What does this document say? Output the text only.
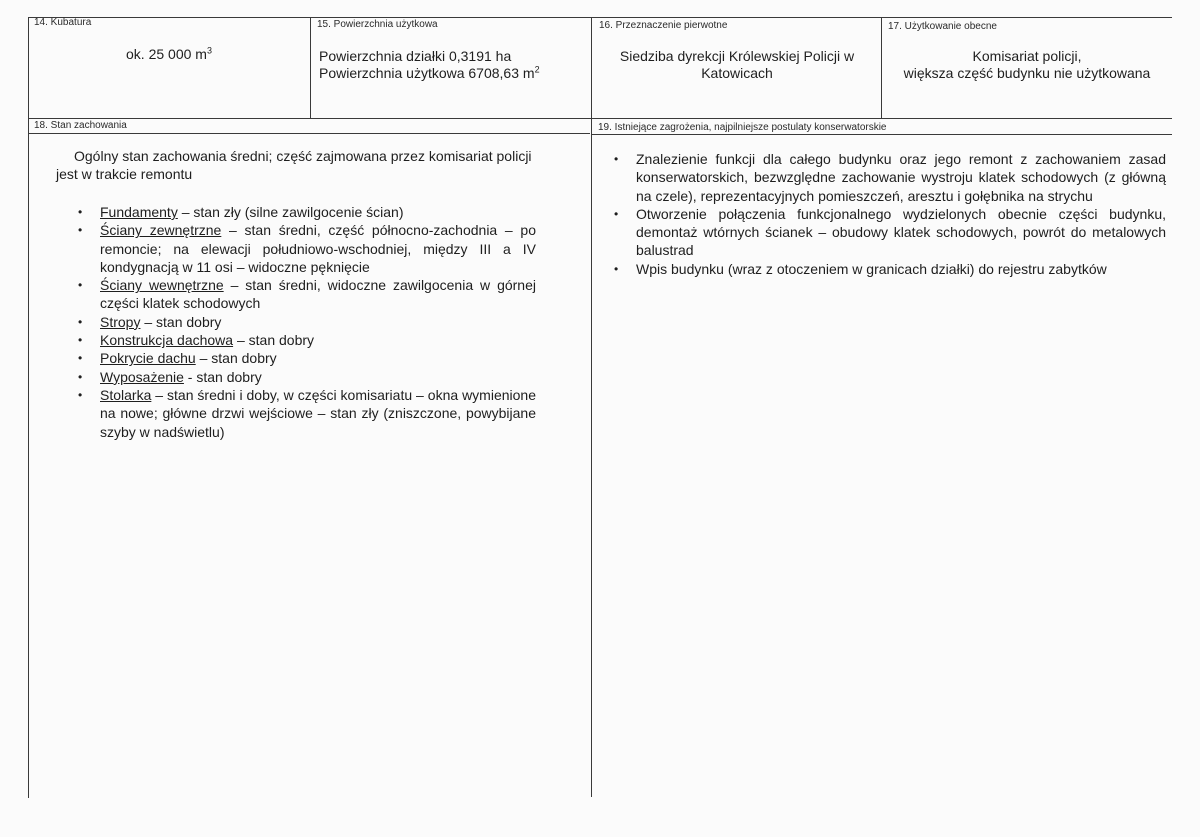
14. Kubatura
ok. 25 000 $m^3$
15. Powierzchnia użytkowa
Powierzchnia działki 0,3191 ha
Powierzchnia użytkowa 6708,63 $m^2$
16. Przeznaczenie pierwotne
Siedziba dyrekcji Królewskiej Policji w
Katowicach
17. Użytkowanie obecne
Komisariat policji,
większa część budynku nie użytkowana
18. Stan zachowania

Ogólny stan zachowania średni; część zajmowana przez komisariat policji jest w trakcie remontu

• Fundamenty – stan zły (silne zawilgocenie ścian)
• Ściany zewnętrzne – stan średni, część północno-zachodnia – po remoncie; na elewacji południowo-wschodniej, między III a IV kondygnacją w 11 osi – widoczne pęknięcie
• Ściany wewnętrzne – stan średni, widoczne zawilgocenia w górnej części klatek schodowych
• Stropy – stan dobry
• Konstrukcja dachowa – stan dobry
• Pokrycie dachu – stan dobry
• Wyposażenie - stan dobry
• Stolarka – stan średni i doby, w części komisariatu – okna wymienione na nowe; główne drzwi wejściowe – stan zły (zniszczone, powybijane szyby w nadświetlu)
19. Istniejące zagrożenia, najpilniejsze postulaty konserwatorskie
• Znalezienie funkcji dla całego budynku oraz jego remont z zachowaniem zasad konserwatorskich, bezwzględne zachowanie wystroju klatek schodowych (z główną na czele), reprezentacyjnych pomieszczeń, aresztu i gołębnika na strychu
• Otworzenie połączenia funkcjonalnego wydzielonych obecnie części budynku, demontaż wtórnych ścianek – obudowy klatek schodowych, powrót do metalowych balustrad
• Wpis budynku (wraz z otoczeniem w granicach działki) do rejestru zabytków
